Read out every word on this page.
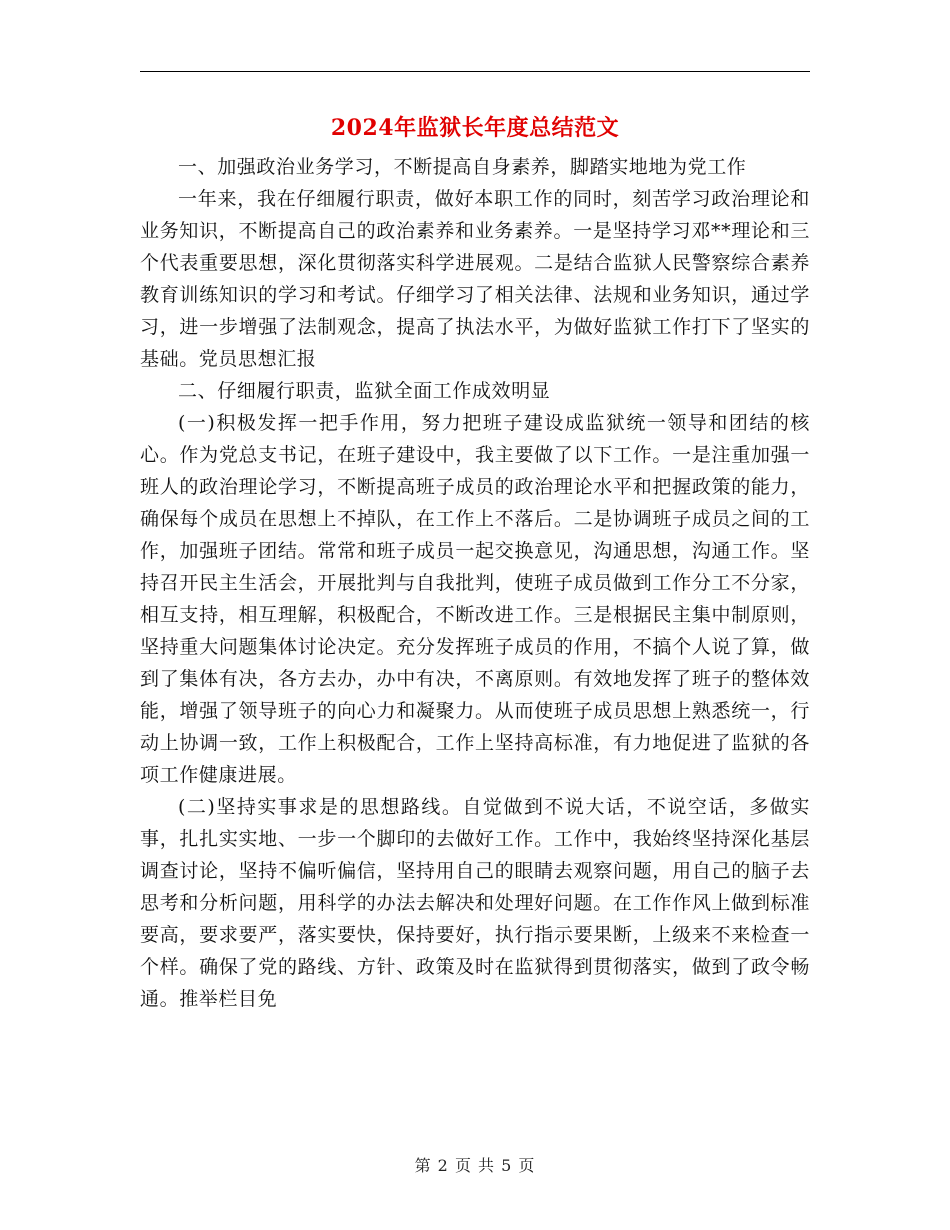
2024年监狱长年度总结范文

一、加强政治业务学习，不断提高自身素养，脚踏实地地为党工作

一年来，我在仔细履行职责，做好本职工作的同时，刻苦学习政治理论和业务知识，不断提高自己的政治素养和业务素养。一是坚持学习邓**理论和三个代表重要思想，深化贯彻落实科学进展观。二是结合监狱人民警察综合素养教育训练知识的学习和考试。仔细学习了相关法律、法规和业务知识，通过学习，进一步增强了法制观念，提高了执法水平，为做好监狱工作打下了坚实的基础。党员思想汇报

二、仔细履行职责，监狱全面工作成效明显

(一)积极发挥一把手作用，努力把班子建设成监狱统一领导和团结的核心。作为党总支书记，在班子建设中，我主要做了以下工作。一是注重加强一班人的政治理论学习，不断提高班子成员的政治理论水平和把握政策的能力，确保每个成员在思想上不掉队，在工作上不落后。二是协调班子成员之间的工作，加强班子团结。常常和班子成员一起交换意见，沟通思想，沟通工作。坚持召开民主生活会，开展批判与自我批判，使班子成员做到工作分工不分家，相互支持，相互理解，积极配合，不断改进工作。三是根据民主集中制原则，坚持重大问题集体讨论决定。充分发挥班子成员的作用，不搞个人说了算，做到了集体有决，各方去办，办中有决，不离原则。有效地发挥了班子的整体效能，增强了领导班子的向心力和凝聚力。从而使班子成员思想上熟悉统一，行动上协调一致，工作上积极配合，工作上坚持高标准，有力地促进了监狱的各项工作健康进展。

(二)坚持实事求是的思想路线。自觉做到不说大话，不说空话，多做实事，扎扎实实地、一步一个脚印的去做好工作。工作中，我始终坚持深化基层调查讨论，坚持不偏听偏信，坚持用自己的眼睛去观察问题，用自己的脑子去思考和分析问题，用科学的办法去解决和处理好问题。在工作作风上做到标准要高，要求要严，落实要快，保持要好，执行指示要果断，上级来不来检查一个样。确保了党的路线、方针、政策及时在监狱得到贯彻落实，做到了政令畅通。推举栏目免

第 2 页 共 5 页
